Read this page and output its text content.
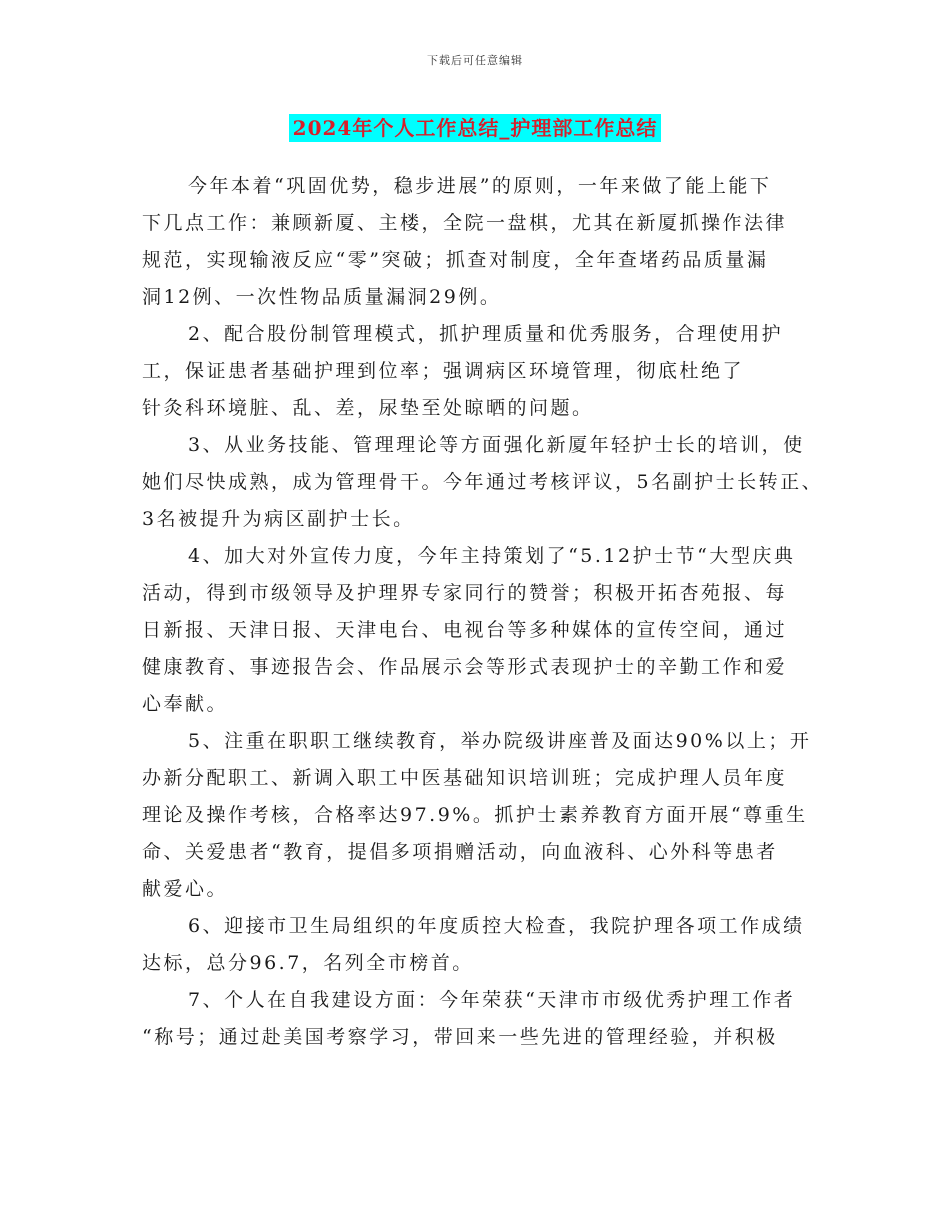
下载后可任意编辑
2024年个人工作总结_护理部工作总结

今年本着“巩固优势，稳步进展”的原则，一年来做了能上能下
下几点工作：兼顾新厦、主楼，全院一盘棋，尤其在新厦抓操作法律
规范，实现输液反应“零”突破；抓查对制度，全年查堵药品质量漏
洞12例、一次性物品质量漏洞29例。

2、配合股份制管理模式，抓护理质量和优秀服务，合理使用护
工，保证患者基础护理到位率；强调病区环境管理，彻底杜绝了
针灸科环境脏、乱、差，尿垫至处晾晒的问题。

3、从业务技能、管理理论等方面强化新厦年轻护士长的培训，使
她们尽快成熟，成为管理骨干。今年通过考核评议，5名副护士长转正、
3名被提升为病区副护士长。

4、加大对外宣传力度，今年主持策划了“5.12护士节“大型庆典
活动，得到市级领导及护理界专家同行的赞誉；积极开拓杏苑报、每
日新报、天津日报、天津电台、电视台等多种媒体的宣传空间，通过
健康教育、事迹报告会、作品展示会等形式表现护士的辛勤工作和爱
心奉献。

5、注重在职职工继续教育，举办院级讲座普及面达90%以上；开
办新分配职工、新调入职工中医基础知识培训班；完成护理人员年度
理论及操作考核，合格率达97.9%。抓护士素养教育方面开展“尊重生
命、关爱患者“教育，提倡多项捐赠活动，向血液科、心外科等患者
献爱心。

6、迎接市卫生局组织的年度质控大检查，我院护理各项工作成绩
达标，总分96.7，名列全市榜首。

7、个人在自我建设方面：今年荣获“天津市市级优秀护理工作者
“称号；通过赴美国考察学习，带回来一些先进的管理经验，并积极
